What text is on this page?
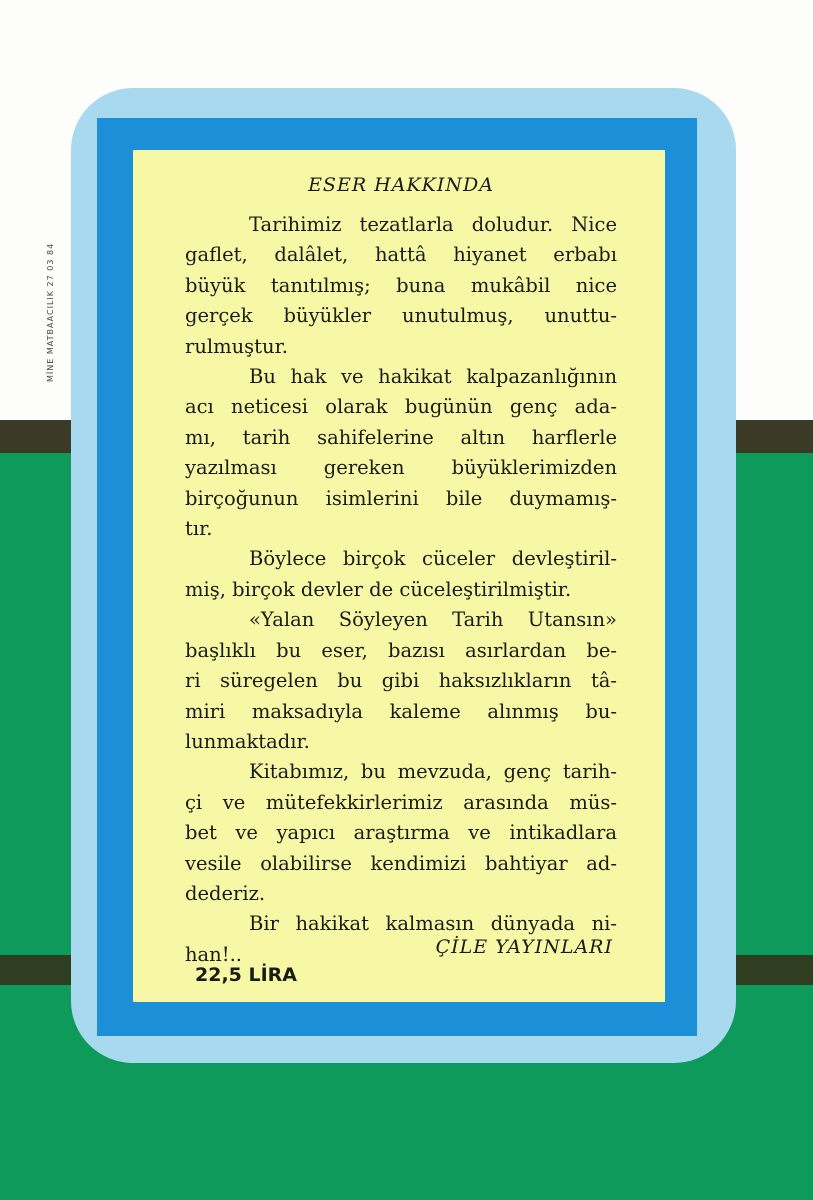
MİNE MATBAACILIK 27 03 84
ESER HAKKINDA
Tarihimiz tezatlarla doludur. Nice
gaflet, dalâlet, hattâ hiyanet erbabı
büyük tanıtılmış; buna mukâbil nice
gerçek büyükler unutulmuş, unuttu-
rulmuştur.
Bu hak ve hakikat kalpazanlığının
acı neticesi olarak bugünün genç ada-
mı, tarih sahifelerine altın harflerle
yazılması gereken büyüklerimizden
birçoğunun isimlerini bile duymamış-
tır.
Böylece birçok cüceler devleştiril-
miş, birçok devler de cüceleştirilmiştir.
«Yalan Söyleyen Tarih Utansın»
başlıklı bu eser, bazısı asırlardan be-
ri süregelen bu gibi haksızlıkların tâ-
miri maksadıyla kaleme alınmış bu-
lunmaktadır.
Kitabımız, bu mevzuda, genç tarih-
çi ve mütefekkirlerimiz arasında müs-
bet ve yapıcı araştırma ve intikadlara
vesile olabilirse kendimizi bahtiyar ad-
dederiz.
Bir hakikat kalmasın dünyada ni-
han!..	ÇİLE YAYINLARI
22,5 LİRA
